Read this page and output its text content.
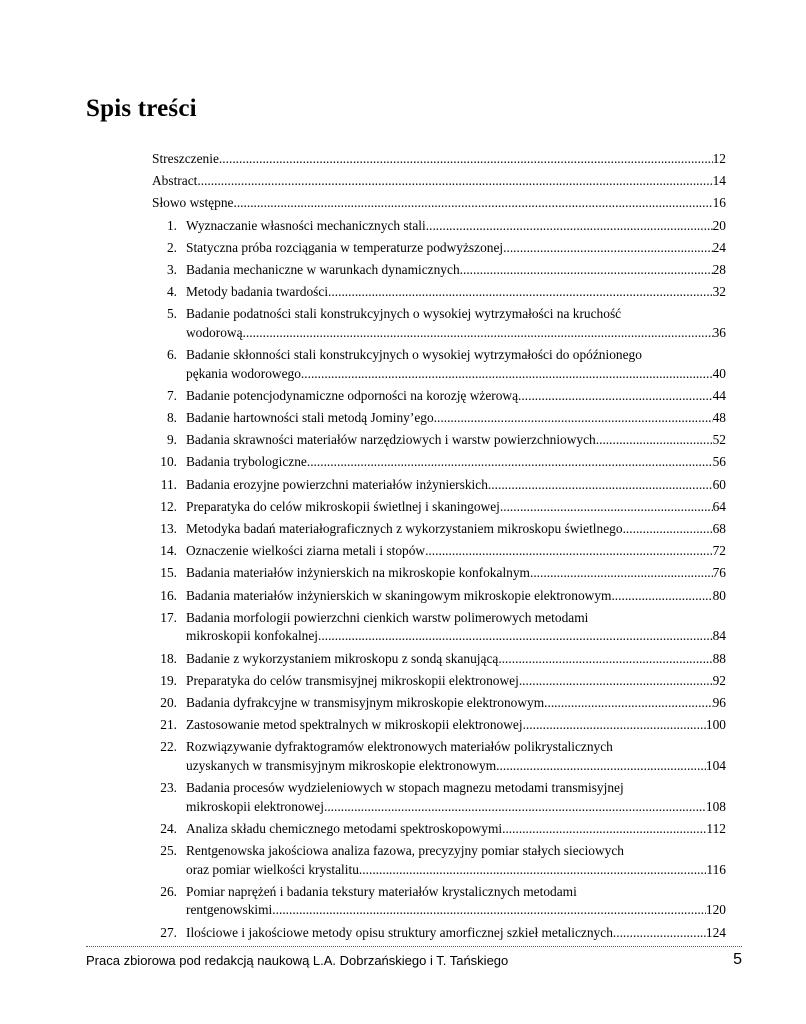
Spis treści
Streszczenie .....	12
Abstract .....	14
Słowo wstępne .....	16
1. Wyznaczanie własności mechanicznych stali .....	20
2. Statyczna próba rozciągania w temperaturze podwyższonej .....	24
3. Badania mechaniczne w warunkach dynamicznych .....	28
4. Metody badania twardości .....	32
5. Badanie podatności stali konstrukcyjnych o wysokiej wytrzymałości na kruchość
wodorową .....	36
6. Badanie skłonności stali konstrukcyjnych o wysokiej wytrzymałości do opóźnionego
pękania wodorowego .....	40
7. Badanie potencjodynamiczne odporności na korozję wżerową .....	44
8. Badanie hartowności stali metodą Jominy’ego .....	48
9. Badania skrawności materiałów narzędziowych i warstw powierzchniowych .....	52
10. Badania trybologiczne .....	56
11. Badania erozyjne powierzchni materiałów inżynierskich .....	60
12. Preparatyka do celów mikroskopii świetlnej i skaningowej .....	64
13. Metodyka badań materiałograficznych z wykorzystaniem mikroskopu świetlnego .....	68
14. Oznaczenie wielkości ziarna metali i stopów .....	72
15. Badania materiałów inżynierskich na mikroskopie konfokalnym .....	76
16. Badania materiałów inżynierskich w skaningowym mikroskopie elektronowym .....	80
17. Badania morfologii powierzchni cienkich warstw polimerowych metodami
mikroskopii konfokalnej .....	84
18. Badanie z wykorzystaniem mikroskopu z sondą skanującą .....	88
19. Preparatyka do celów transmisyjnej mikroskopii elektronowej .....	92
20. Badania dyfrakcyjne w transmisyjnym mikroskopie elektronowym .....	96
21. Zastosowanie metod spektralnych w mikroskopii elektronowej .....	100
22. Rozwiązywanie dyfraktogramów elektronowych materiałów polikrystalicznych
uzyskanych w transmisyjnym mikroskopie elektronowym .....	104
23. Badania procesów wydzieleniowych w stopach magnezu metodami transmisyjnej
mikroskopii elektronowej .....	108
24. Analiza składu chemicznego metodami spektroskopowymi .....	112
25. Rentgenowska jakościowa analiza fazowa, precyzyjny pomiar stałych sieciowych
oraz pomiar wielkości krystalitu .....	116
26. Pomiar naprężeń i badania tekstury materiałów krystalicznych metodami
rentgenowskimi .....	120
27. Ilościowe i jakościowe metody opisu struktury amorficznej szkieł metalicznych .....	124
Praca zbiorowa pod redakcją naukową L.A. Dobrzańskiego i T. Tańskiego	5
